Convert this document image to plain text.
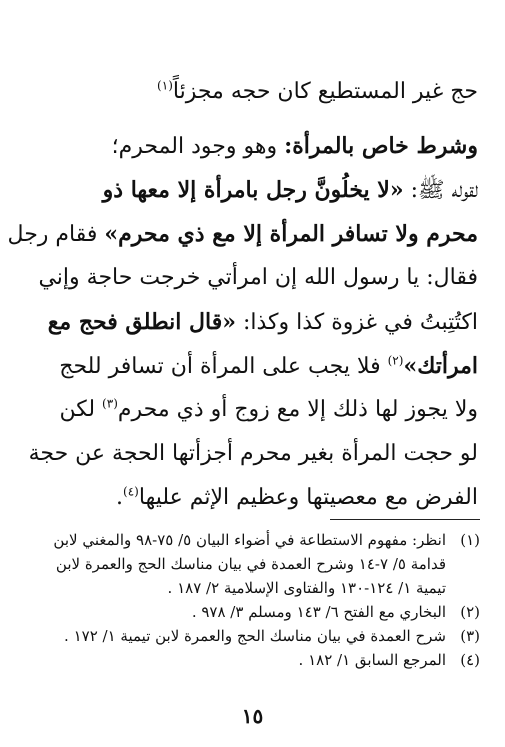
حج غير المستطيع كان حجه مجزئاً$^{(١)}$
وشرط خاص بالمرأة: وهو وجود المحرم؛
لقوله ﷺ: «لا يخلُونَّ رجل بامرأة إلا معها ذو
محرم ولا تسافر المرأة إلا مع ذي محرم» فقام رجل
فقال: يا رسول الله إن امرأتي خرجت حاجة وإني
اكتُتِبتُ في غزوة كذا وكذا: «قال انطلق فحج مع
امرأتك»$^{(٢)}$ فلا يجب على المرأة أن تسافر للحج
ولا يجوز لها ذلك إلا مع زوج أو ذي محرم$^{(٣)}$ لكن
لو حجت المرأة بغير محرم أجزأتها الحجة عن حجة
الفرض مع معصيتها وعظيم الإثم عليها$^{(٤)}$.
(١)انظر: مفهوم الاستطاعة في أضواء البيان ٥/ ٧٥-٩٨ والمغني لابن
قدامة ٥/ ٧-١٤ وشرح العمدة في بيان مناسك الحج والعمرة لابن
تيمية ١/ ١٢٤-١٣٠ والفتاوى الإسلامية ٢/ ١٨٧ .
(٢)البخاري مع الفتح ٦/ ١٤٣ ومسلم ٣/ ٩٧٨ .
(٣)شرح العمدة في بيان مناسك الحج والعمرة لابن تيمية ١/ ١٧٢ .
(٤)المرجع السابق ١/ ١٨٢ .
١٥
